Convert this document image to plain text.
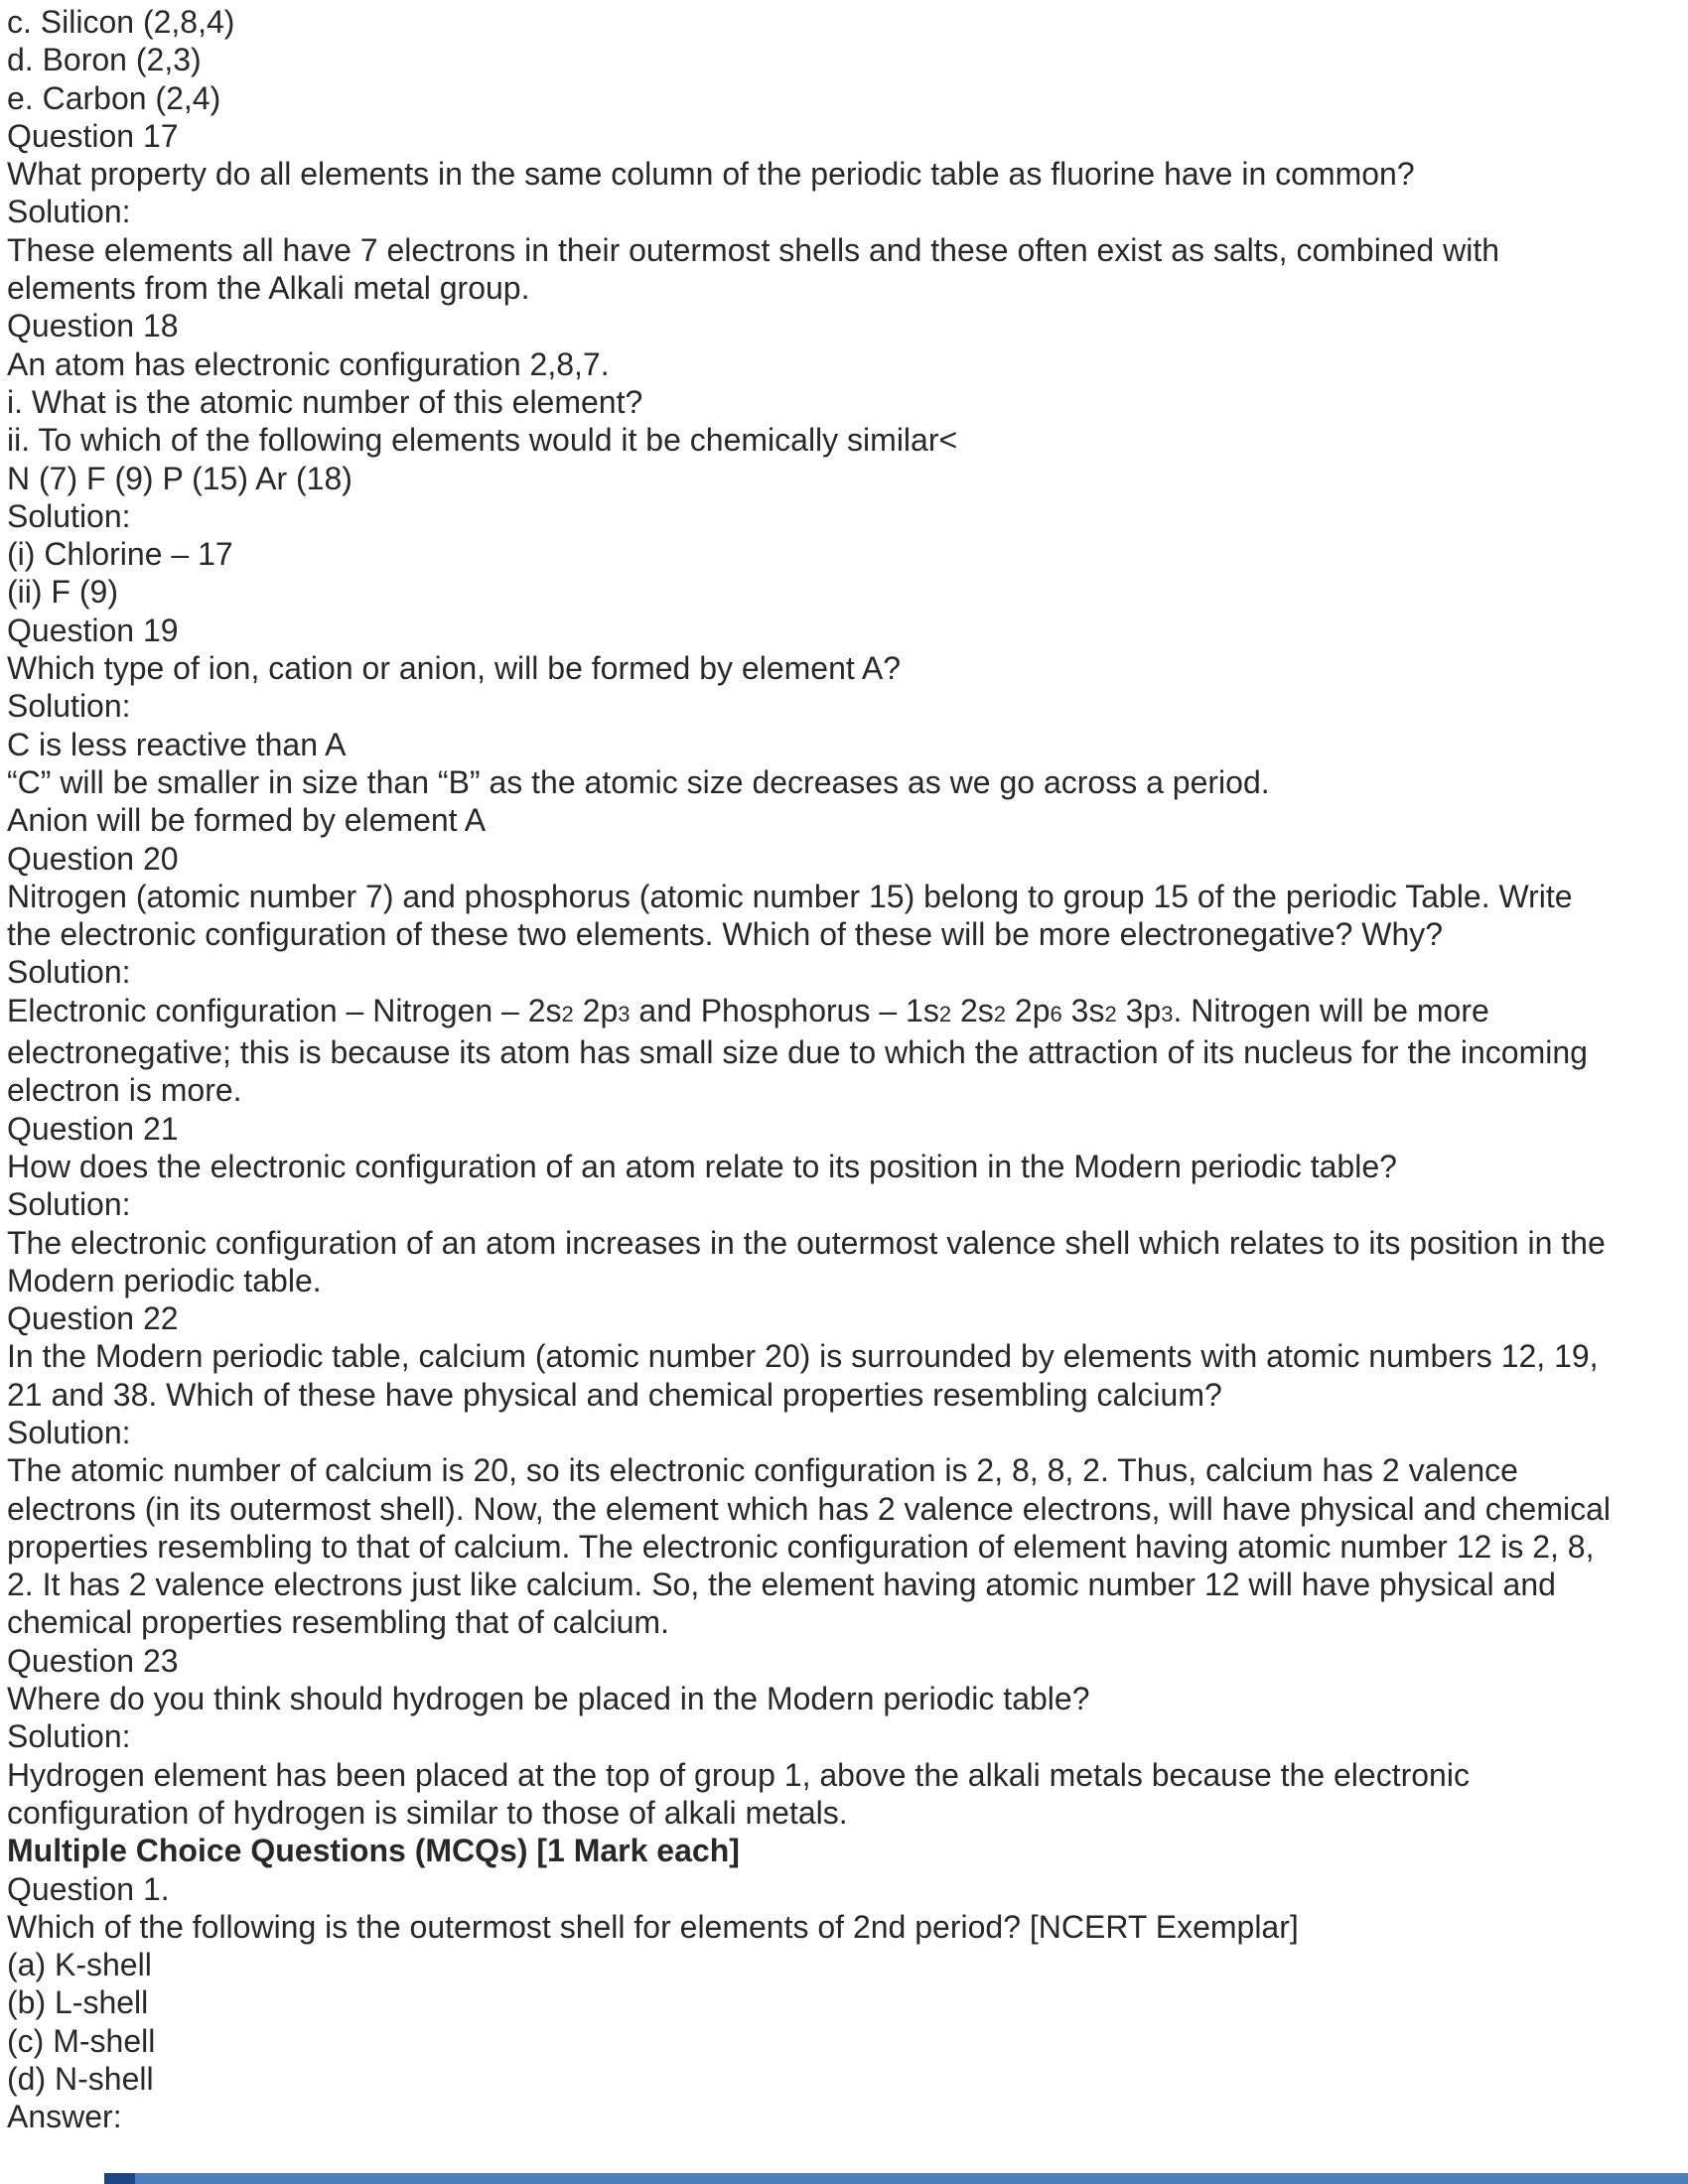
c. Silicon (2,8,4)
d. Boron (2,3)
e. Carbon (2,4)
Question 17
What property do all elements in the same column of the periodic table as fluorine have in common?
Solution:
These elements all have 7 electrons in their outermost shells and these often exist as salts, combined with
elements from the Alkali metal group.
Question 18
An atom has electronic configuration 2,8,7.
i. What is the atomic number of this element?
ii. To which of the following elements would it be chemically similar<
N (7) F (9) P (15) Ar (18)
Solution:
(i) Chlorine – 17
(ii) F (9)
Question 19
Which type of ion, cation or anion, will be formed by element A?
Solution:
C is less reactive than A
“C” will be smaller in size than “B” as the atomic size decreases as we go across a period.
Anion will be formed by element A
Question 20
Nitrogen (atomic number 7) and phosphorus (atomic number 15) belong to group 15 of the periodic Table. Write
the electronic configuration of these two elements. Which of these will be more electronegative? Why?
Solution:
Electronic configuration – Nitrogen – 2s2 2p3 and Phosphorus – 1s2 2s2 2p6 3s2 3p3. Nitrogen will be more
electronegative; this is because its atom has small size due to which the attraction of its nucleus for the incoming
electron is more.
Question 21
How does the electronic configuration of an atom relate to its position in the Modern periodic table?
Solution:
The electronic configuration of an atom increases in the outermost valence shell which relates to its position in the
Modern periodic table.
Question 22
In the Modern periodic table, calcium (atomic number 20) is surrounded by elements with atomic numbers 12, 19,
21 and 38. Which of these have physical and chemical properties resembling calcium?
Solution:
The atomic number of calcium is 20, so its electronic configuration is 2, 8, 8, 2. Thus, calcium has 2 valence
electrons (in its outermost shell). Now, the element which has 2 valence electrons, will have physical and chemical
properties resembling to that of calcium. The electronic configuration of element having atomic number 12 is 2, 8,
2. It has 2 valence electrons just like calcium. So, the element having atomic number 12 will have physical and
chemical properties resembling that of calcium.
Question 23
Where do you think should hydrogen be placed in the Modern periodic table?
Solution:
Hydrogen element has been placed at the top of group 1, above the alkali metals because the electronic
configuration of hydrogen is similar to those of alkali metals.
Multiple Choice Questions (MCQs) [1 Mark each]
Question 1.
Which of the following is the outermost shell for elements of 2nd period? [NCERT Exemplar]
(a) K-shell
(b) L-shell
(c) M-shell
(d) N-shell
Answer:
